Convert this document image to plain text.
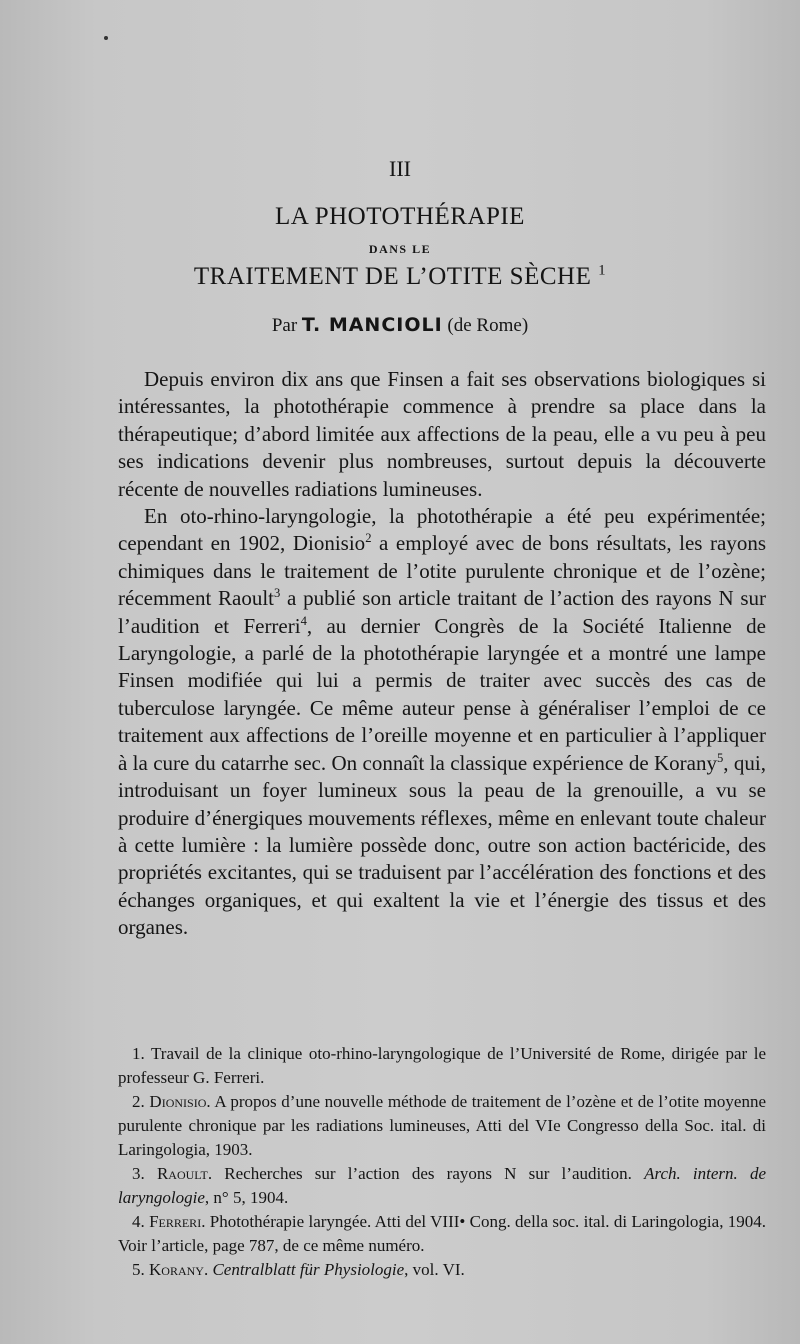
III
LA PHOTOTHÉRAPIE
DANS LE
TRAITEMENT DE L’OTITE SÈCHE $^1$
Par T. MANCIOLI (de Rome)

Depuis environ dix ans que Finsen a fait ses observations biologiques si intéressantes, la photothérapie commence à prendre sa place dans la thérapeutique; d’abord limitée aux affections de la peau, elle a vu peu à peu ses indications devenir plus nombreuses, surtout depuis la découverte récente de nouvelles radiations lumineuses.

En oto-rhino-laryngologie, la photothérapie a été peu expérimentée; cependant en 1902, Dionisio$^2$ a employé avec de bons résultats, les rayons chimiques dans le traitement de l’otite purulente chronique et de l’ozène; récemment Raoult$^3$ a publié son article traitant de l’action des rayons N sur l’audition et Ferreri$^4$, au dernier Congrès de la Société Italienne de Laryngologie, a parlé de la photothérapie laryngée et a montré une lampe Finsen modifiée qui lui a permis de traiter avec succès des cas de tuberculose laryngée. Ce même auteur pense à généraliser l’emploi de ce traitement aux affections de l’oreille moyenne et en particulier à l’appliquer à la cure du catarrhe sec. On connaît la classique expérience de Korany$^5$, qui, introduisant un foyer lumineux sous la peau de la grenouille, a vu se produire d’énergiques mouvements réflexes, même en enlevant toute chaleur à cette lumière : la lumière possède donc, outre son action bactéricide, des propriétés excitantes, qui se traduisent par l’accélération des fonctions et des échanges organiques, et qui exaltent la vie et l’énergie des tissus et des organes.

1. Travail de la clinique oto-rhino-laryngologique de l’Université de Rome, dirigée par le professeur G. Ferreri.

2. Dionisio. A propos d’une nouvelle méthode de traitement de l’ozène et de l’otite moyenne purulente chronique par les radiations lumineuses, Atti del VIe Congresso della Soc. ital. di Laringologia, 1903.

3. Raoult. Recherches sur l’action des rayons N sur l’audition. Arch. intern. de laryngologie, n° 5, 1904.

4. Ferreri. Photothérapie laryngée. Atti del VIII• Cong. della soc. ital. di Laringologia, 1904. Voir l’article, page 787, de ce même numéro.

5. Korany. Centralblatt für Physiologie, vol. VI.
